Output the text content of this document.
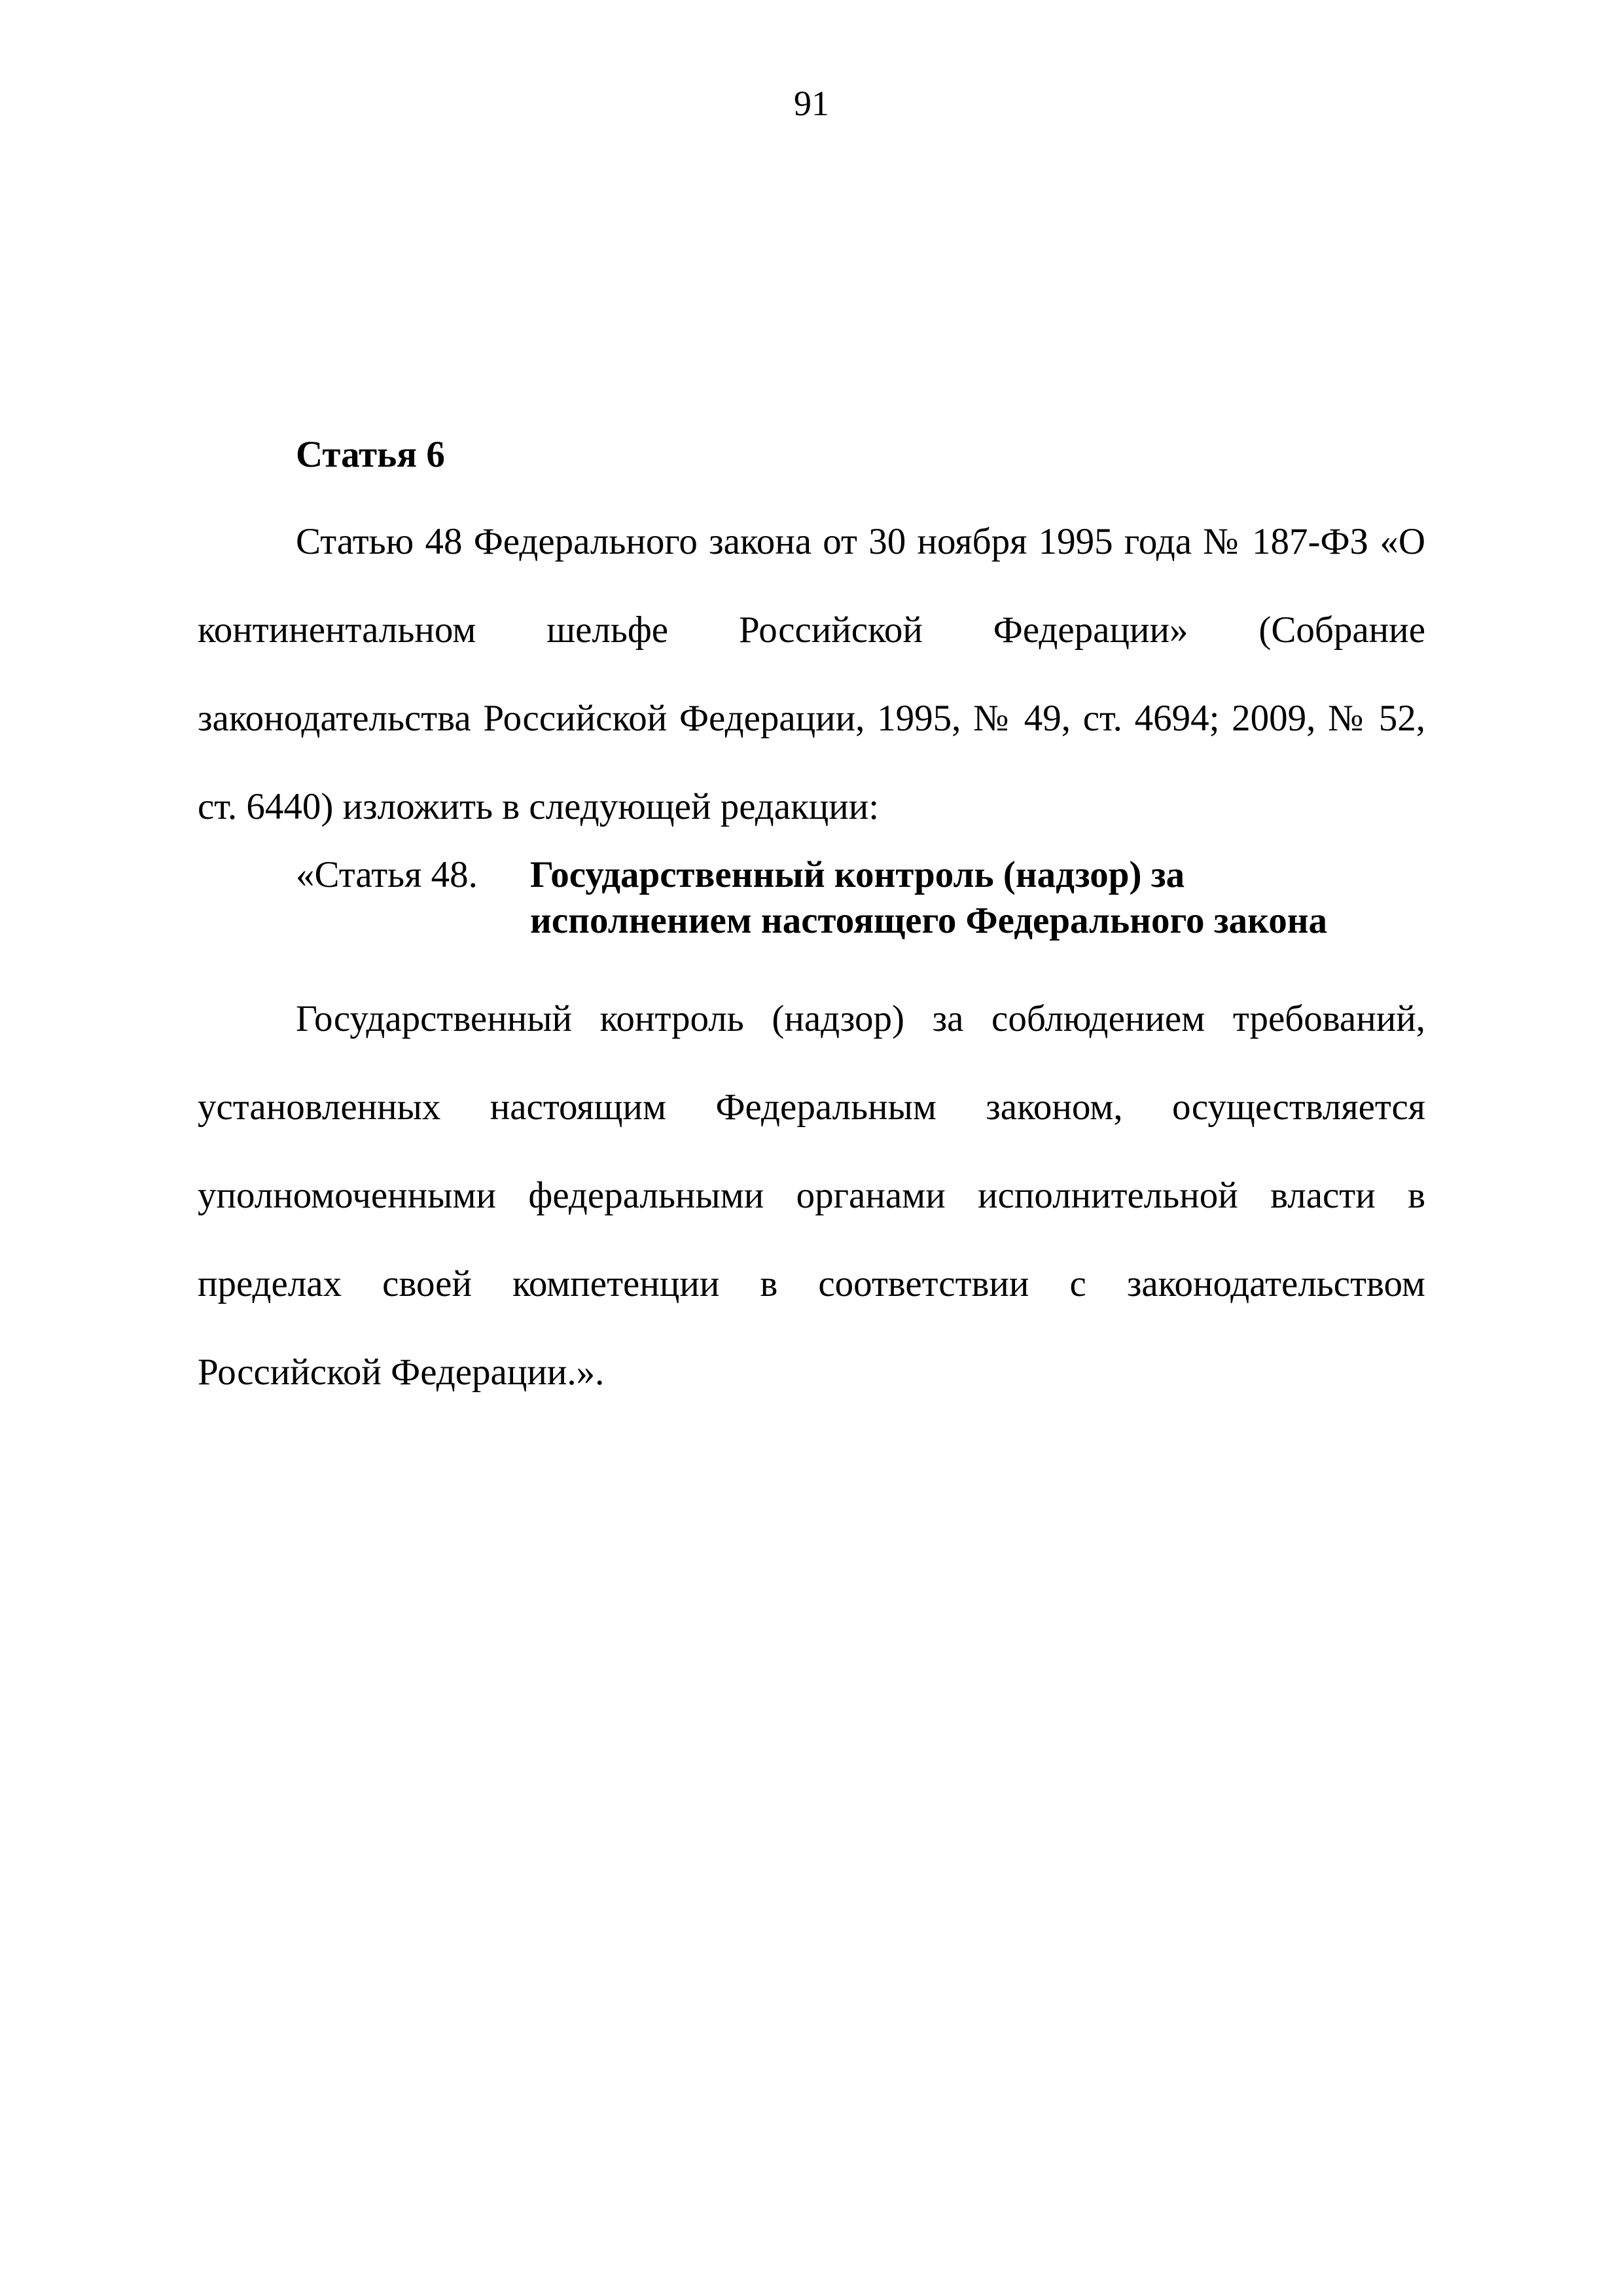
91
Статья 6

Статью 48 Федерального закона от 30 ноября 1995 года № 187-ФЗ «О континентальном шельфе Российской Федерации» (Собрание законодательства Российской Федерации, 1995, № 49, ст. 4694; 2009, № 52, ст. 6440) изложить в следующей редакции:

«Статья 48. Государственный контроль (надзор) за
исполнением настоящего Федерального закона

Государственный контроль (надзор) за соблюдением требований, установленных настоящим Федеральным законом, осуществляется уполномоченными федеральными органами исполнительной власти в пределах своей компетенции в соответствии с законодательством Российской Федерации.».
